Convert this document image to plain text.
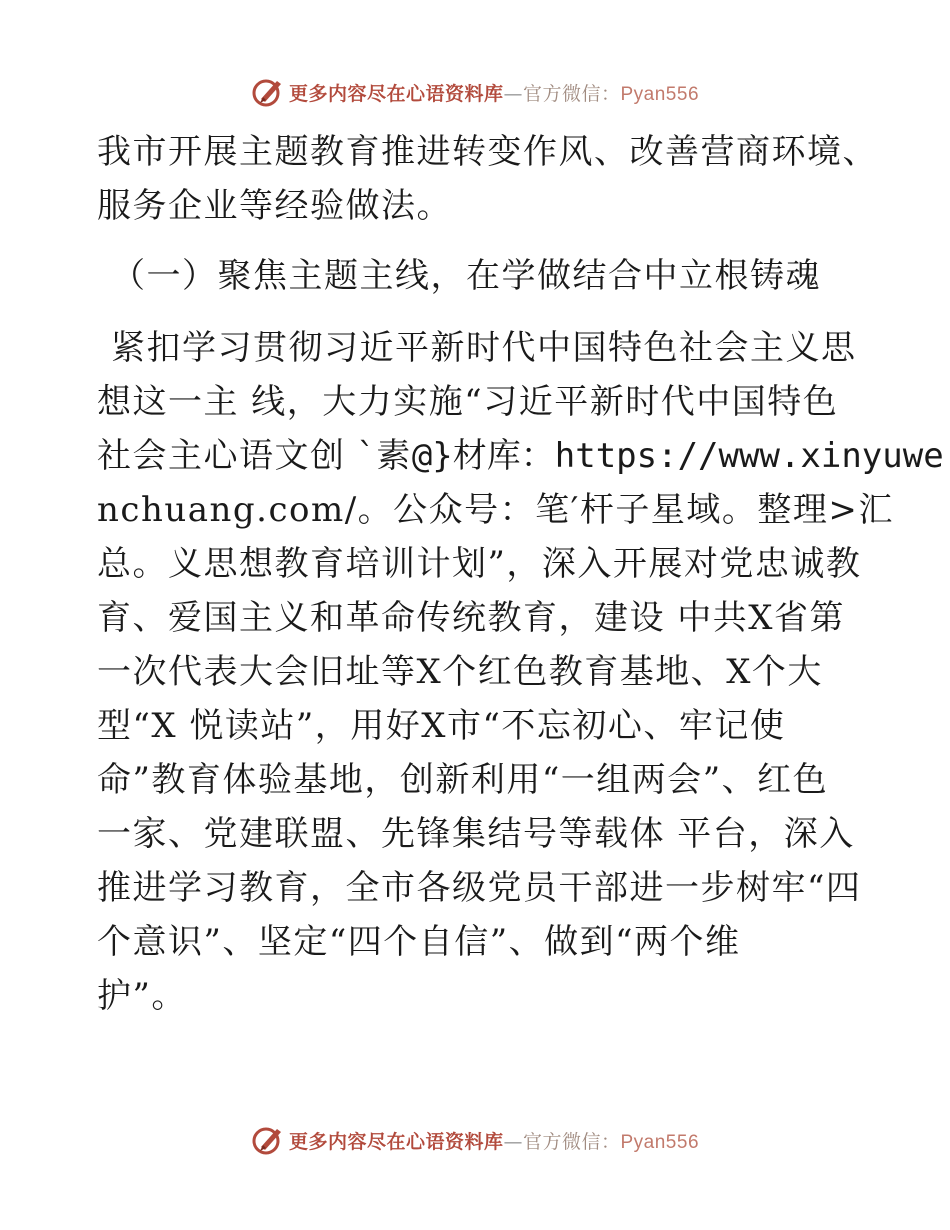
更多内容尽在心语资料库 — 官方微信： Pyan556
我市开展主题教育推进转变作风、改善营商环境、
服务企业等经验做法。
（一）聚焦主题主线，在学做结合中立根铸魂
紧扣学习贯彻习近平新时代中国特色社会主义思
想这一主 线，大力实施“习近平新时代中国特色
社会主心语文创 `素@}材库：https://www.xinyuwe
nchuang.com/。公众号：笔′杆子星域。整理>汇
总。义思想教育培训计划”，深入开展对党忠诚教
育、爱国主义和革命传统教育，建设 中共X省第
一次代表大会旧址等X个红色教育基地、X个大
型“X 悦读站”，用好X市“不忘初心、牢记使
命”教育体验基地，创新利用“一组两会”、红色
一家、党建联盟、先锋集结号等载体 平台，深入
推进学习教育，全市各级党员干部进一步树牢“四
个意识”、坚定“四个自信”、做到“两个维
护”。
更多内容尽在心语资料库 — 官方微信： Pyan556
